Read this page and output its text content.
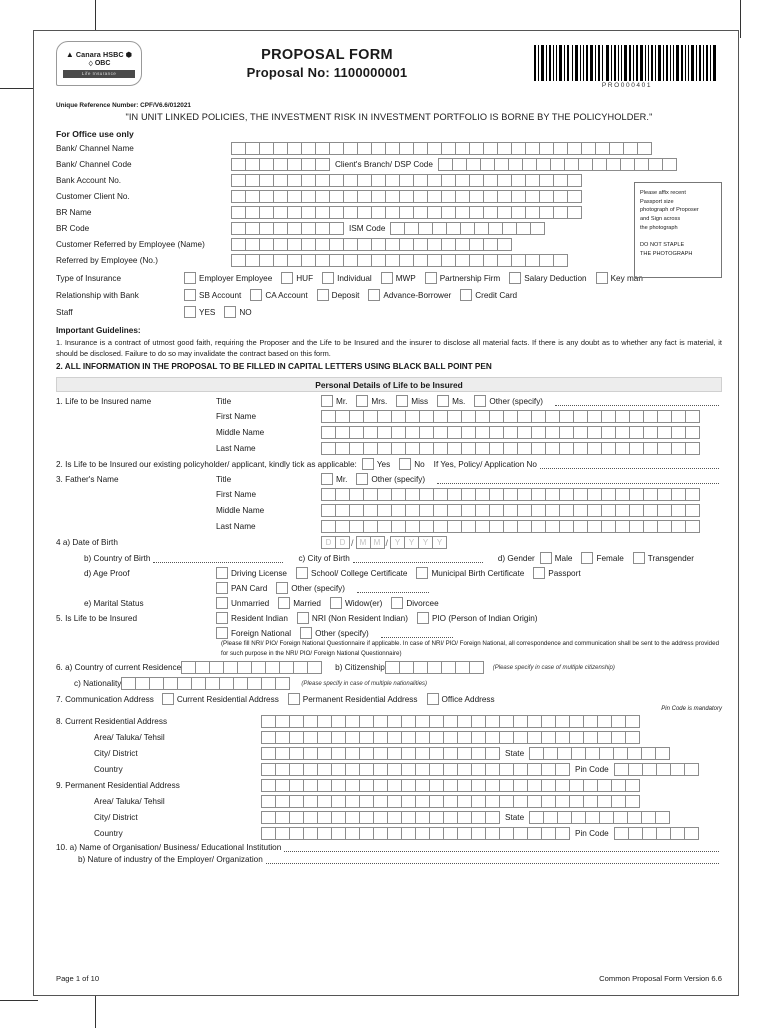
▲ Canara HSBC ⬢
♢ OBC
Life Insurance
PROPOSAL FORM
Proposal No: 1100000001
PRO000401
Unique Reference Number: CPF/V6.6/012021
"IN UNIT LINKED POLICIES, THE INVESTMENT RISK IN INVESTMENT PORTFOLIO IS BORNE BY THE POLICYHOLDER."
For Office use only
Please affix recent
Passport size
photograph of Proposer
and Sign across
the photograph
DO NOT STAPLE
THE PHOTOGRAPH
Bank/ Channel Name
Bank/ Channel Code	Client's Branch/ DSP Code
Bank Account No.
Customer Client No.
BR Name
BR Code	ISM Code
Customer Referred by Employee (Name)
Referred by Employee (No.)
Type of Insurance	Employer Employee	HUF	Individual	MWP	Partnership Firm	Salary Deduction	Key man
Relationship with Bank	SB Account	CA Account	Deposit	Advance-Borrower	Credit Card
Staff	YES	NO
Important Guidelines:
1. Insurance is a contract of utmost good faith, requiring the Proposer and the Life to be Insured and the insurer to disclose all material facts. If there is any doubt as to whether any fact is material, it should be disclosed. Failure to do so may invalidate the contract based on this form.
2. ALL INFORMATION IN THE PROPOSAL TO BE FILLED IN CAPITAL LETTERS USING BLACK BALL POINT PEN
Personal Details of Life to be Insured
1. Life to be Insured name	Title	Mr.	Mrs.	Miss	Ms.	Other (specify)
First Name
Middle Name
Last Name
2. Is Life to be Insured our existing policyholder/ applicant, kindly tick as applicable: Yes	No If Yes, Policy/ Application No
3. Father's Name	Title	Mr.	Other (specify)
First Name
Middle Name
Last Name
4 a) Date of Birth	D	D / M M / Y	Y	Y	Y
b) Country of Birth	c) City of Birth	d) Gender Male	Female	Transgender
d) Age Proof	Driving License	School/ College Certificate	Municipal Birth Certificate	Passport
PAN Card	Other (specify)
e) Marital Status	Unmarried	Married	Widow(er)	Divorcee
5. Is Life to be Insured	Resident Indian	NRI (Non Resident Indian)	PIO (Person of Indian Origin)
Foreign National	Other (specify)
(Please fill NRI/ PIO/ Foreign National Questionnaire if applicable. In case of NRI/ PIO/ Foreign National, all correspondence and communication shall be sent to the address provided for such purpose in the NRI/ PIO/ Foreign National Questionnaire)
6. a) Country of current Residence	b) Citizenship	(Please specify in case of multiple citizenship)
c) Nationality	(Please specify in case of multiple nationalities)
7. Communication Address	Current Residential Address	Permanent Residential Address	Office Address
Pin Code is mandatory
8. Current Residential Address
Area/ Taluka/ Tehsil
City/ District	State
Country	Pin Code
9. Permanent Residential Address
Area/ Taluka/ Tehsil
City/ District	State
Country	Pin Code
10. a) Name of Organisation/ Business/ Educational Institution
b) Nature of industry of the Employer/ Organization
Page 1 of 10	Common Proposal Form Version 6.6
